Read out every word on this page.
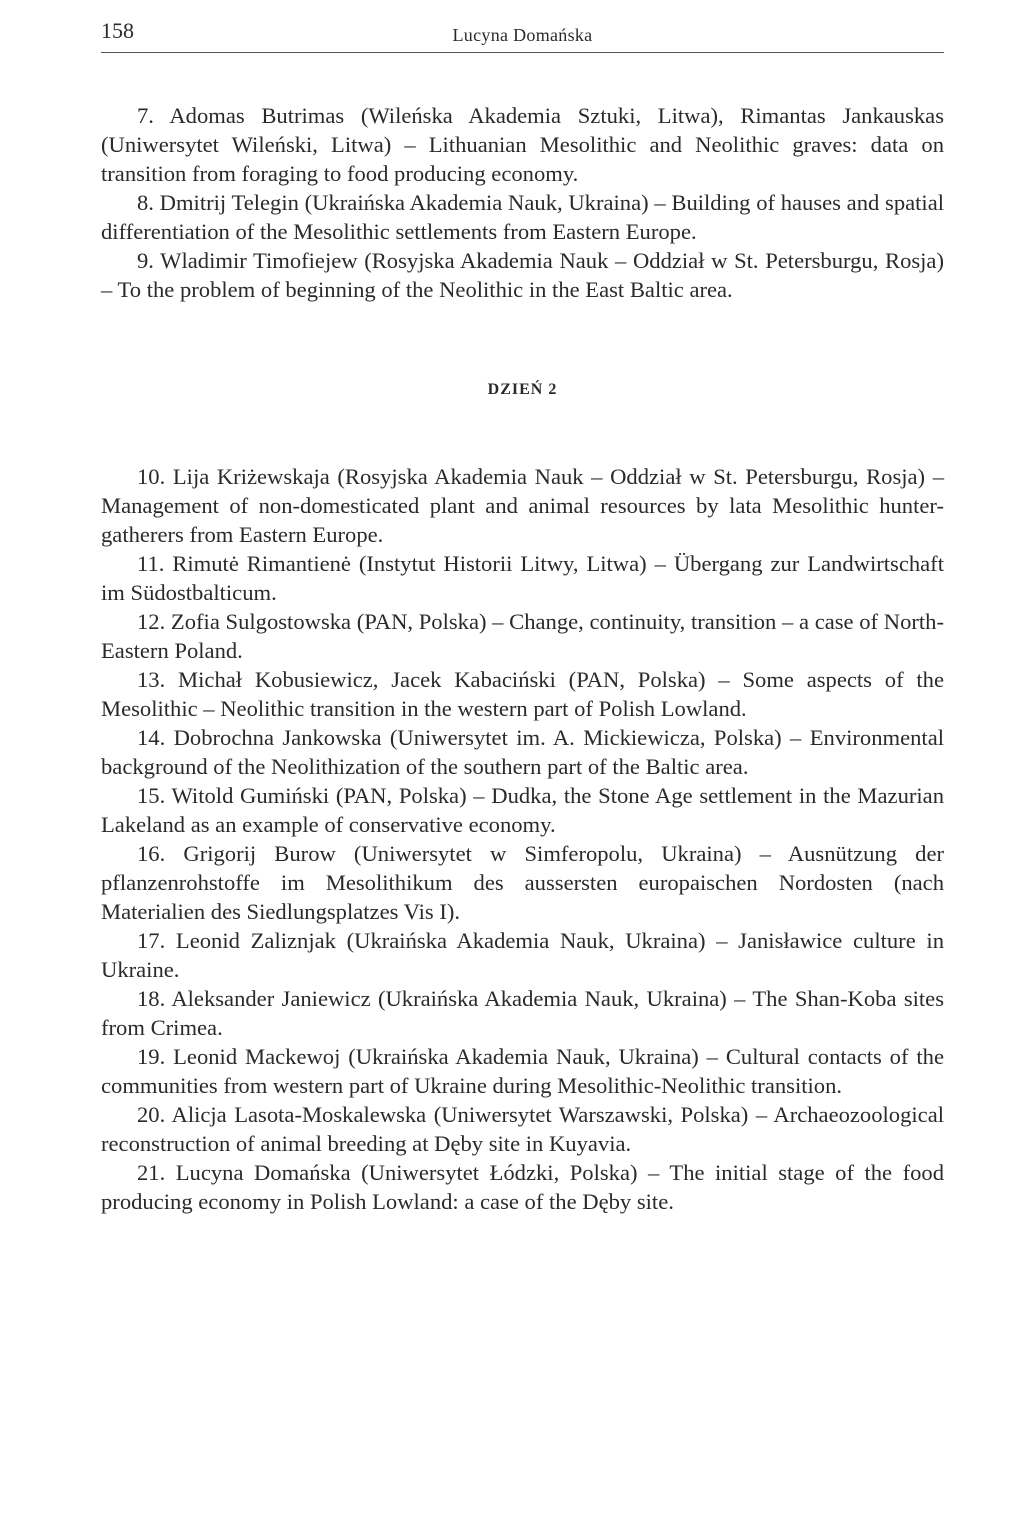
158	Lucyna Domańska

7. Adomas Butrimas (Wileńska Akademia Sztuki, Litwa), Rimantas Jankauskas (Uniwersytet Wileński, Litwa) – Lithuanian Mesolithic and Neolithic graves: data on transition from foraging to food producing economy.

8. Dmitrij Telegin (Ukraińska Akademia Nauk, Ukraina) – Building of hauses and spatial differentiation of the Mesolithic settlements from Eastern Europe.

9. Wladimir Timofiejew (Rosyjska Akademia Nauk – Oddział w St. Petersburgu, Rosja) – To the problem of beginning of the Neolithic in the East Baltic area.

DZIEŃ 2

10. Lija Kriżewskaja (Rosyjska Akademia Nauk – Oddział w St. Petersburgu, Rosja) – Management of non-domesticated plant and animal resources by lata Mesolithic hunter-gatherers from Eastern Europe.

11. Rimutė Rimantienė (Instytut Historii Litwy, Litwa) – Übergang zur Landwirtschaft im Südostbalticum.

12. Zofia Sulgostowska (PAN, Polska) – Change, continuity, transition – a case of North-Eastern Poland.

13. Michał Kobusiewicz, Jacek Kabaciński (PAN, Polska) – Some aspects of the Mesolithic – Neolithic transition in the western part of Polish Lowland.

14. Dobrochna Jankowska (Uniwersytet im. A. Mickiewicza, Polska) – Environmental background of the Neolithization of the southern part of the Baltic area.

15. Witold Gumiński (PAN, Polska) – Dudka, the Stone Age settlement in the Mazurian Lakeland as an example of conservative economy.

16. Grigorij Burow (Uniwersytet w Simferopolu, Ukraina) – Ausnützung der pflanzenrohstoffe im Mesolithikum des aussersten europaischen Nordosten (nach Materialien des Siedlungsplatzes Vis I).

17. Leonid Zaliznjak (Ukraińska Akademia Nauk, Ukraina) – Janisławice culture in Ukraine.

18. Aleksander Janiewicz (Ukraińska Akademia Nauk, Ukraina) – The Shan-Koba sites from Crimea.

19. Leonid Mackewoj (Ukraińska Akademia Nauk, Ukraina) – Cultural contacts of the communities from western part of Ukraine during Mesolithic-Neolithic transition.

20. Alicja Lasota-Moskalewska (Uniwersytet Warszawski, Polska) – Archaeozoological reconstruction of animal breeding at Dęby site in Kuyavia.

21. Lucyna Domańska (Uniwersytet Łódzki, Polska) – The initial stage of the food producing economy in Polish Lowland: a case of the Dęby site.
